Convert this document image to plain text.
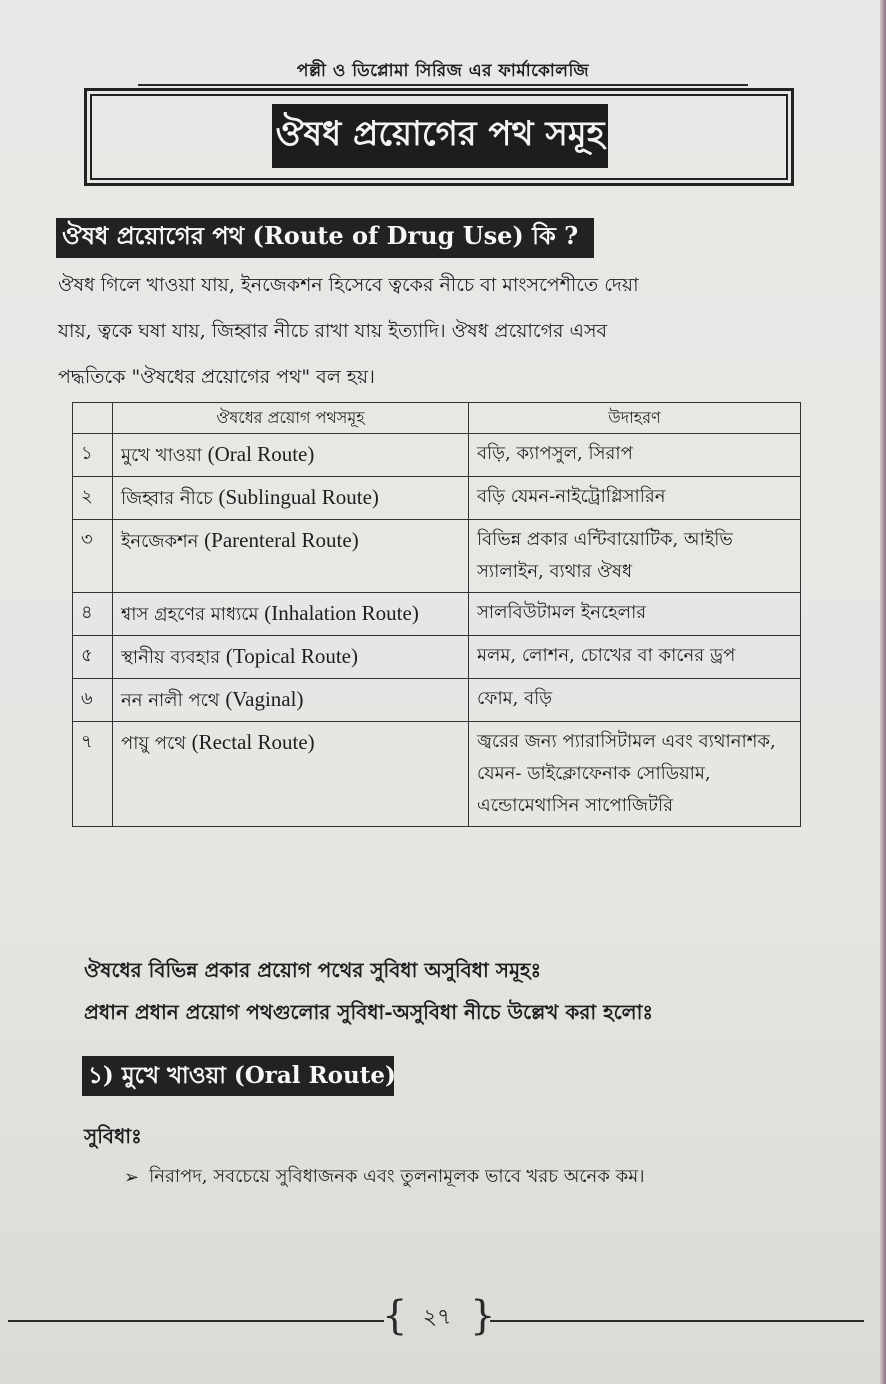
পল্লী ও ডিপ্লোমা সিরিজ এর ফার্মাকোলজি
ঔষধ প্রয়োগের পথ সমূহ
ঔষধ প্রয়োগের পথ (Route of Drug Use) কি ?
ঔষধ গিলে খাওয়া যায়, ইনজেকশন হিসেবে ত্বকের নীচে বা মাংসপেশীতে দেয়া
যায়, ত্বকে ঘষা যায়, জিহ্বার নীচে রাখা যায় ইত্যাদি। ঔষধ প্রয়োগের এসব
পদ্ধতিকে "ঔষধের প্রয়োগের পথ" বল হয়।
	ঔষধের প্রয়োগ পথসমূহ	উদাহরণ
১	মুখে খাওয়া (Oral Route)	বড়ি, ক্যাপসুল, সিরাপ
২	জিহ্বার নীচে (Sublingual Route)	বড়ি যেমন-নাইট্রোগ্লিসারিন
৩	ইনজেকশন (Parenteral Route)	বিভিন্ন প্রকার এন্টিবায়োটিক, আইভি স্যালাইন, ব্যথার ঔষধ
৪	শ্বাস গ্রহণের মাধ্যমে (Inhalation Route)	সালবিউটামল ইনহেলার
৫	স্থানীয় ব্যবহার (Topical Route)	মলম, লোশন, চোখের বা কানের ড্রপ
৬	নন নালী পথে (Vaginal)	ফোম, বড়ি
৭	পায়ু পথে (Rectal Route)	জ্বরের জন্য প্যারাসিটামল এবং ব্যথানাশক, যেমন- ডাইক্লোফেনাক সোডিয়াম, এন্ডোমেথাসিন সাপোজিটরি
ঔষধের বিভিন্ন প্রকার প্রয়োগ পথের সুবিধা অসুবিধা সমূহঃ
প্রধান প্রধান প্রয়োগ পথগুলোর সুবিধা-অসুবিধা নীচে উল্লেখ করা হলোঃ
১) মুখে খাওয়া (Oral Route)
সুবিধাঃ
➢ নিরাপদ, সবচেয়ে সুবিধাজনক এবং তুলনামূলক ভাবে খরচ অনেক কম।
{ }
২৭
